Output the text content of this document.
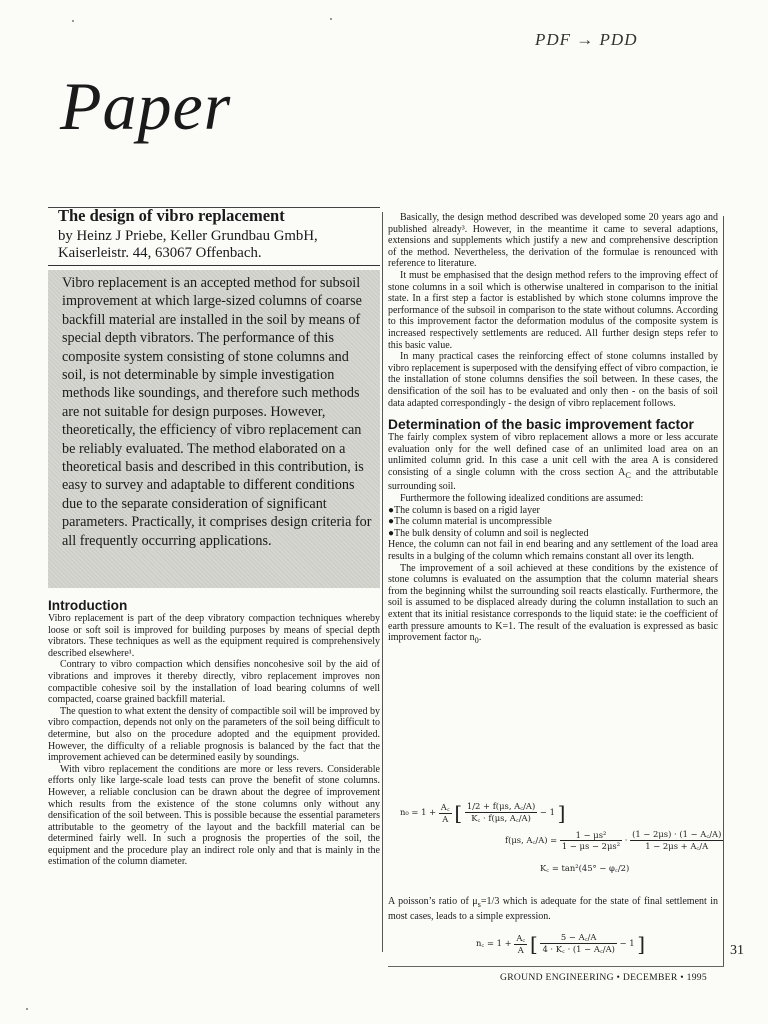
PDF → PDD
Paper
The design of vibro replacement
by Heinz J Priebe, Keller Grundbau GmbH,
Kaiserleistr. 44, 63067 Offenbach.
Vibro replacement is an accepted method for subsoil improvement at which large-sized columns of coarse backfill material are installed in the soil by means of special depth vibrators. The performance of this composite system consisting of stone columns and soil, is not determinable by simple investigation methods like soundings, and therefore such methods are not suitable for design purposes. However, theoretically, the efficiency of vibro replacement can be reliably evaluated. The method elaborated on a theoretical basis and described in this contribution, is easy to survey and adaptable to different conditions due to the separate consideration of significant parameters. Practically, it comprises design criteria for all frequently occurring applications.
Introduction

Vibro replacement is part of the deep vibratory compaction techniques whereby loose or soft soil is improved for building purposes by means of special depth vibrators. These techniques as well as the equipment required is comprehensively described elsewhere¹.

Contrary to vibro compaction which densifies noncohesive soil by the aid of vibrations and improves it thereby directly, vibro replacement improves non compactible cohesive soil by the installation of load bearing columns of well compacted, coarse grained backfill material.

The question to what extent the density of compactible soil will be improved by vibro compaction, depends not only on the parameters of the soil being difficult to determine, but also on the procedure adopted and the equipment provided. However, the difficulty of a reliable prognosis is balanced by the fact that the improvement achieved can be determined easily by soundings.

With vibro replacement the conditions are more or less revers. Considerable efforts only like large-scale load tests can prove the benefit of stone columns. However, a reliable conclusion can be drawn about the degree of improvement which results from the existence of the stone columns only without any densification of the soil between. This is possible because the essential parameters attributable to the geometry of the layout and the backfill material can be determined fairly well. In such a prognosis the properties of the soil, the equipment and the procedure play an indirect role only and that is mainly in the estimation of the column diameter.

Basically, the design method described was developed some 20 years ago and published already³. However, in the meantime it came to several adaptions, extensions and supplements which justify a new and comprehensive description of the method. Nevertheless, the derivation of the formulae is renounced with reference to literature.

It must be emphasised that the design method refers to the improving effect of stone columns in a soil which is otherwise unaltered in comparison to the initial state. In a first step a factor is established by which stone columns improve the performance of the subsoil in comparison to the state without columns. According to this improvement factor the deformation modulus of the composite system is increased respectively settlements are reduced. All further design steps refer to this basic value.

In many practical cases the reinforcing effect of stone columns installed by vibro replacement is superposed with the densifying effect of vibro compaction, ie the installation of stone columns densifies the soil between. In these cases, the densification of the soil has to be evaluated and only then - on the basis of soil data adapted correspondingly - the design of vibro replacement follows.

Determination of the basic improvement factor

The fairly complex system of vibro replacement allows a more or less accurate evaluation only for the well defined case of an unlimited load area on an unlimited column grid. In this case a unit cell with the area A is considered consisting of a single column with the cross section $A_C$ and the attributable surrounding soil.

Furthermore the following idealized conditions are assumed:

●The column is based on a rigid layer
●The column material is uncompressible
●The bulk density of column and soil is neglected

Hence, the column can not fail in end bearing and any settlement of the load area results in a bulging of the column which remains constant all over its length.

The improvement of a soil achieved at these conditions by the existence of stone columns is evaluated on the assumption that the column material shears from the beginning whilst the surrounding soil reacts elastically. Furthermore, the soil is assumed to be displaced already during the column installation to such an extent that its initial resistance corresponds to the liquid state: ie the coefficient of earth pressure amounts to K=1. The result of the evaluation is expressed as basic improvement factor $n_0$.

$n_0 = 1 + \frac{A꜀}{A}$ [ $\frac{1/2 + f(\mu s, A꜀/A)}{K꜀ \cdot f(\mu s, A꜀/A)} - 1$ ]
f(μs, A꜀/A) = $\frac{\text{1 − μs²}}{\text{1 − μs − 2μs²}} \cdot \frac{(1 - 2\mu s) \cdot (1 - A꜀/A)}{1 - 2\mu s + A꜀/A}$
K꜀ = tan²(45° − φ꜀/2)

A poisson’s ratio of $\mu_s=1/3$ which is adequate for the state of final settlement in most cases, leads to a simple expression.

n꜀ = $1 + \frac{A꜀}{A}$ [ $\frac{5 - A꜀/A}{4 \cdot K꜀ \cdot (1 - A꜀/A)} - 1$ ]	31
GROUND ENGINEERING • DECEMBER • 1995
